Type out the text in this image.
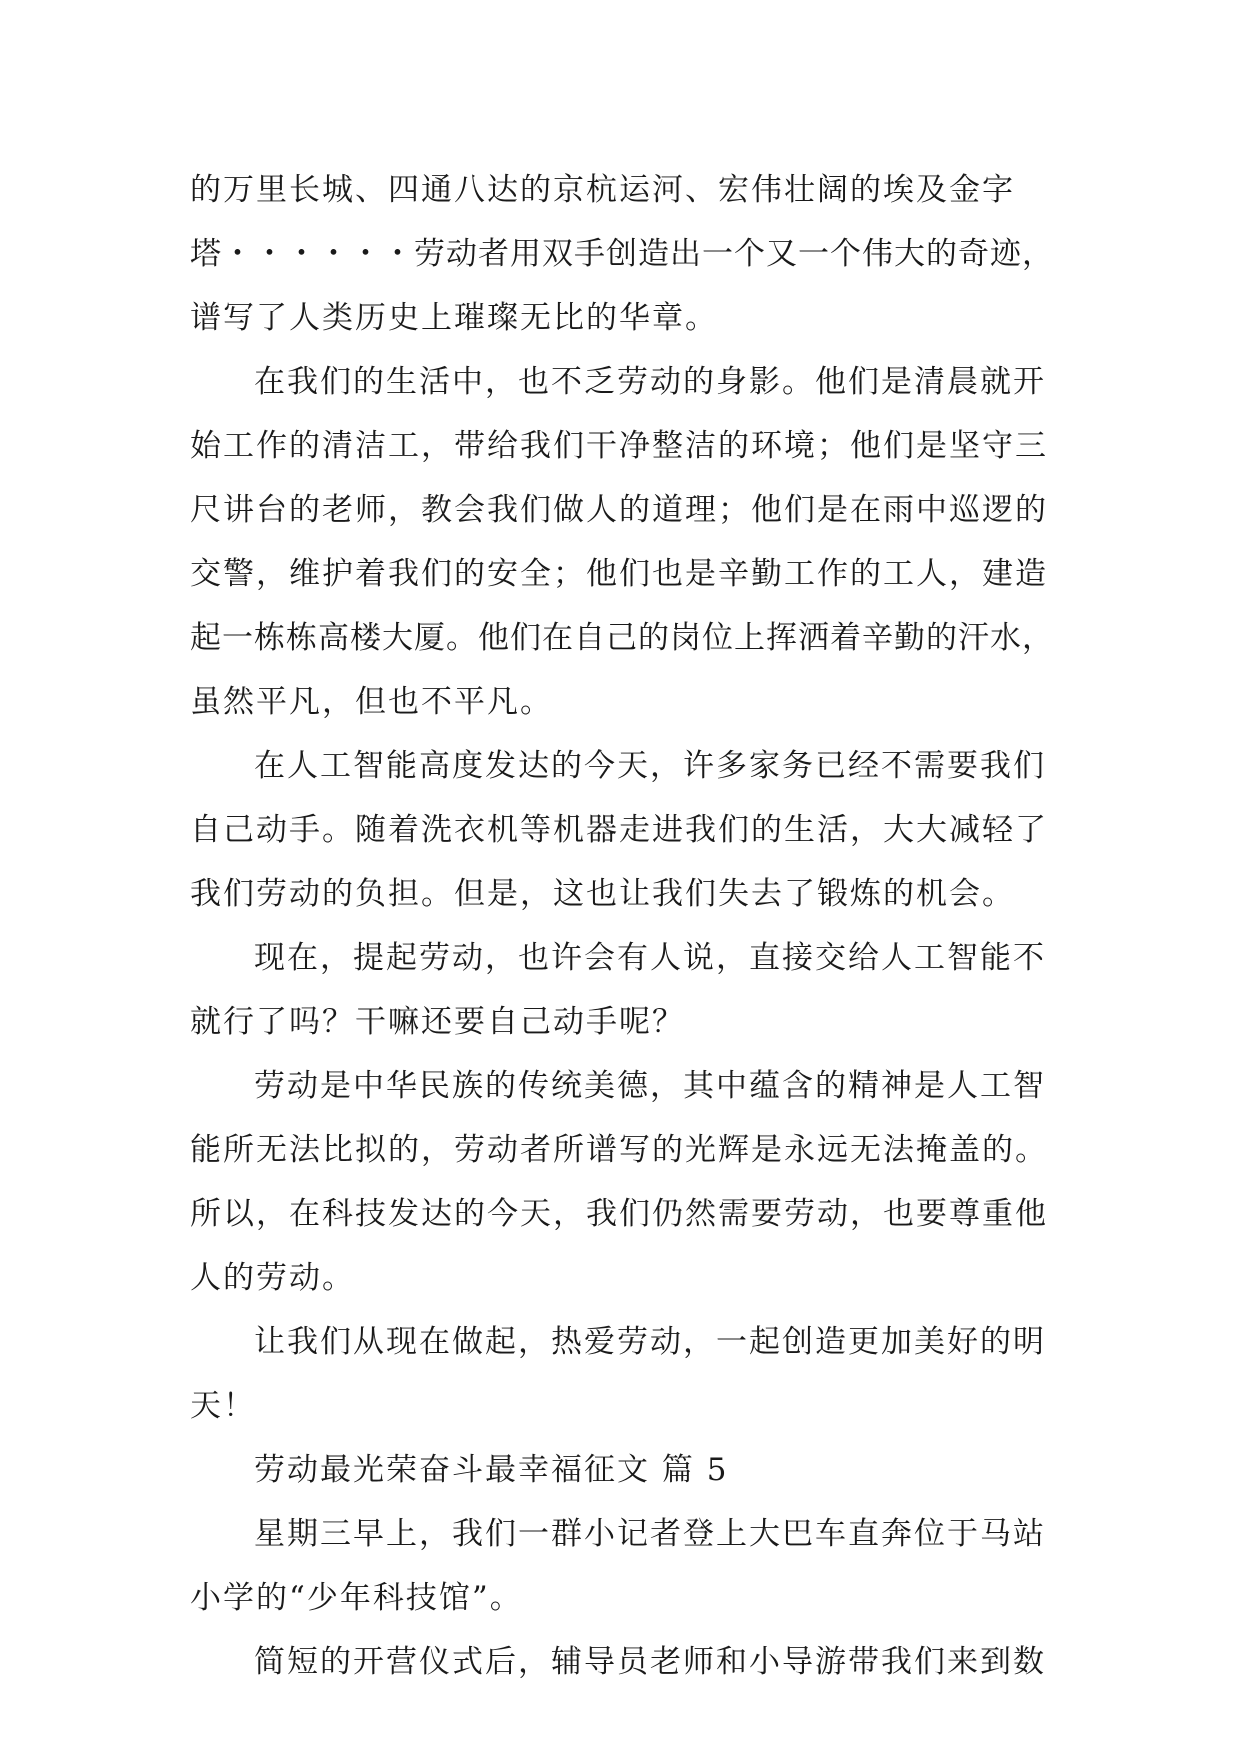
的万里长城、四通八达的京杭运河、宏伟壮阔的埃及金字
塔・・・・・・劳动者用双手创造出一个又一个伟大的奇迹，
谱写了人类历史上璀璨无比的华章。
在我们的生活中，也不乏劳动的身影。他们是清晨就开
始工作的清洁工，带给我们干净整洁的环境；他们是坚守三
尺讲台的老师，教会我们做人的道理；他们是在雨中巡逻的
交警，维护着我们的安全；他们也是辛勤工作的工人，建造
起一栋栋高楼大厦。他们在自己的岗位上挥洒着辛勤的汗水，
虽然平凡，但也不平凡。
在人工智能高度发达的今天，许多家务已经不需要我们
自己动手。随着洗衣机等机器走进我们的生活，大大减轻了
我们劳动的负担。但是，这也让我们失去了锻炼的机会。
现在，提起劳动，也许会有人说，直接交给人工智能不
就行了吗？干嘛还要自己动手呢？
劳动是中华民族的传统美德，其中蕴含的精神是人工智
能所无法比拟的，劳动者所谱写的光辉是永远无法掩盖的。
所以，在科技发达的今天，我们仍然需要劳动，也要尊重他
人的劳动。
让我们从现在做起，热爱劳动，一起创造更加美好的明
天！
劳动最光荣奋斗最幸福征文 篇 5
星期三早上，我们一群小记者登上大巴车直奔位于马站
小学的“少年科技馆”。
简短的开营仪式后，辅导员老师和小导游带我们来到数
